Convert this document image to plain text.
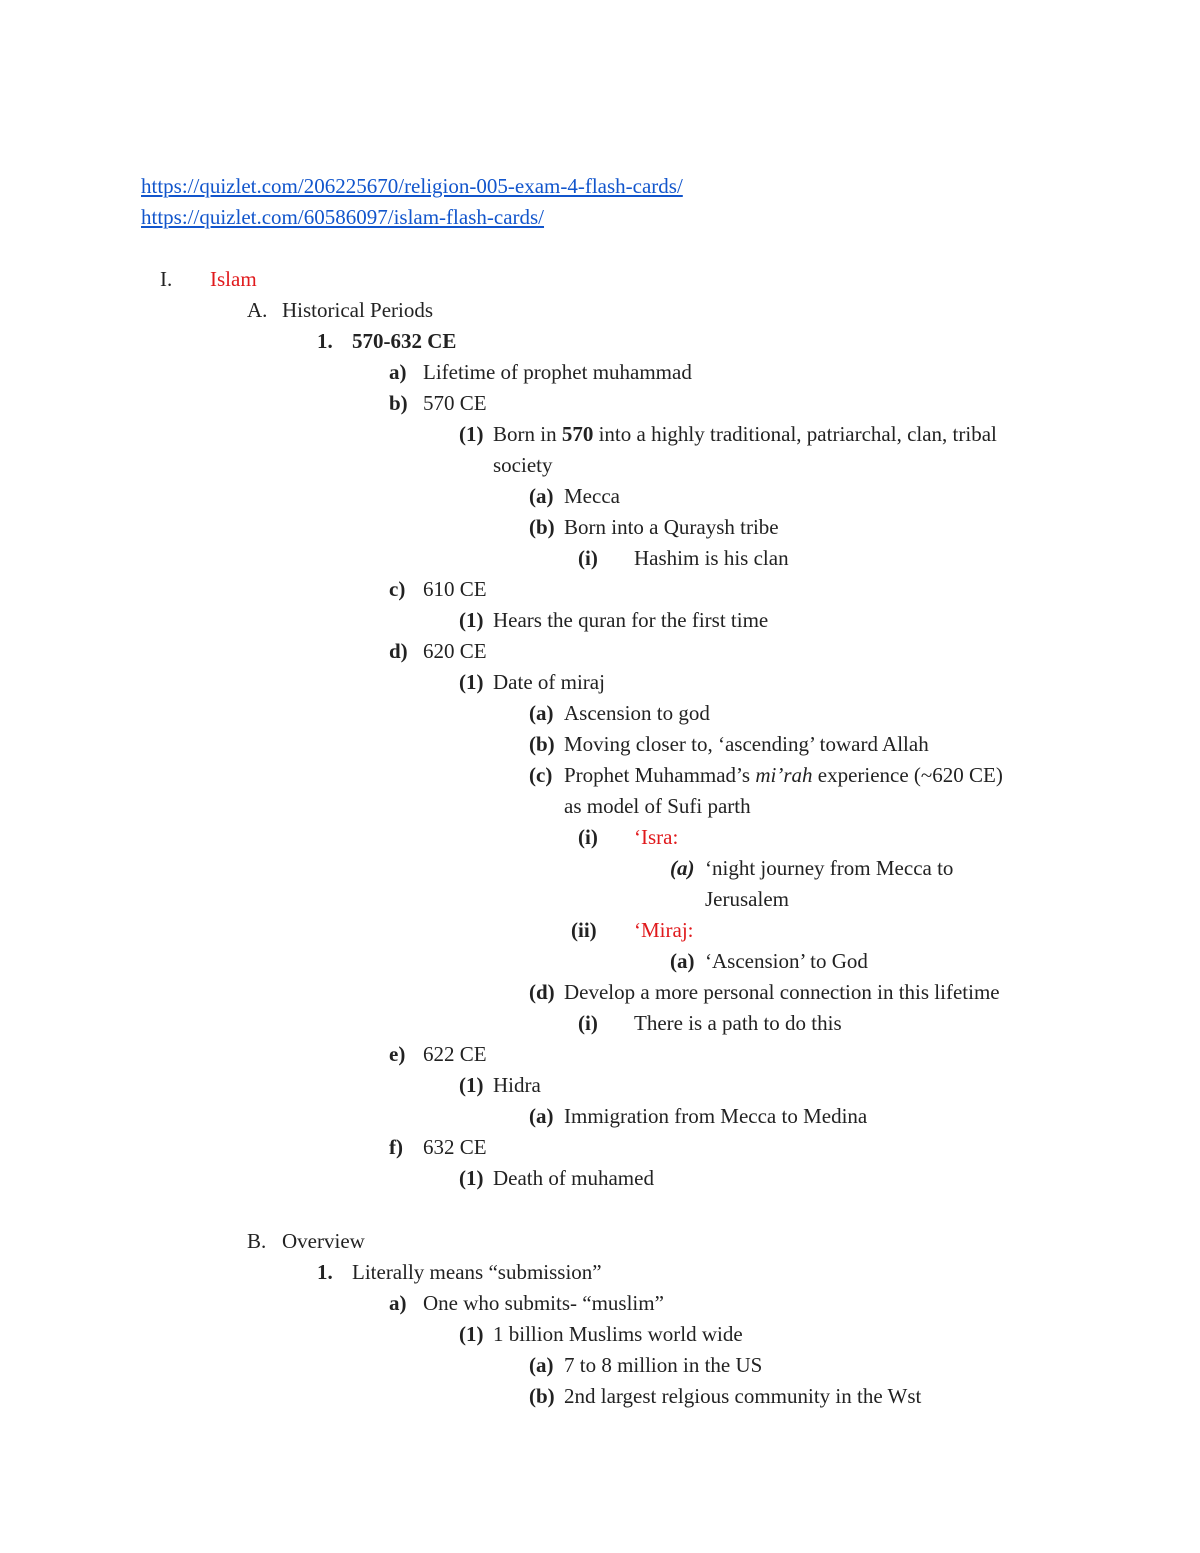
https://quizlet.com/206225670/religion-005-exam-4-flash-cards/
https://quizlet.com/60586097/islam-flash-cards/
I. Islam
A. Historical Periods
1. 570-632 CE
a) Lifetime of prophet muhammad
b) 570 CE
(1) Born in 570 into a highly traditional, patriarchal, clan, tribal
society
(a) Mecca
(b) Born into a Quraysh tribe
(i) Hashim is his clan
c) 610 CE
(1) Hears the quran for the first time
d) 620 CE
(1) Date of miraj
(a) Ascension to god
(b) Moving closer to, ‘ascending’ toward Allah
(c) Prophet Muhammad’s mi’rah experience (~620 CE)
as model of Sufi parth
(i) ‘Isra:
(a) ‘night journey from Mecca to
Jerusalem
(ii) ‘Miraj:
(a) ‘Ascension’ to God
(d) Develop a more personal connection in this lifetime
(i) There is a path to do this
e) 622 CE
(1) Hidra
(a) Immigration from Mecca to Medina
f) 632 CE
(1) Death of muhamed
B. Overview
1. Literally means “submission”
a) One who submits- “muslim”
(1) 1 billion Muslims world wide
(a) 7 to 8 million in the US
(b) 2nd largest relgious community in the Wst
